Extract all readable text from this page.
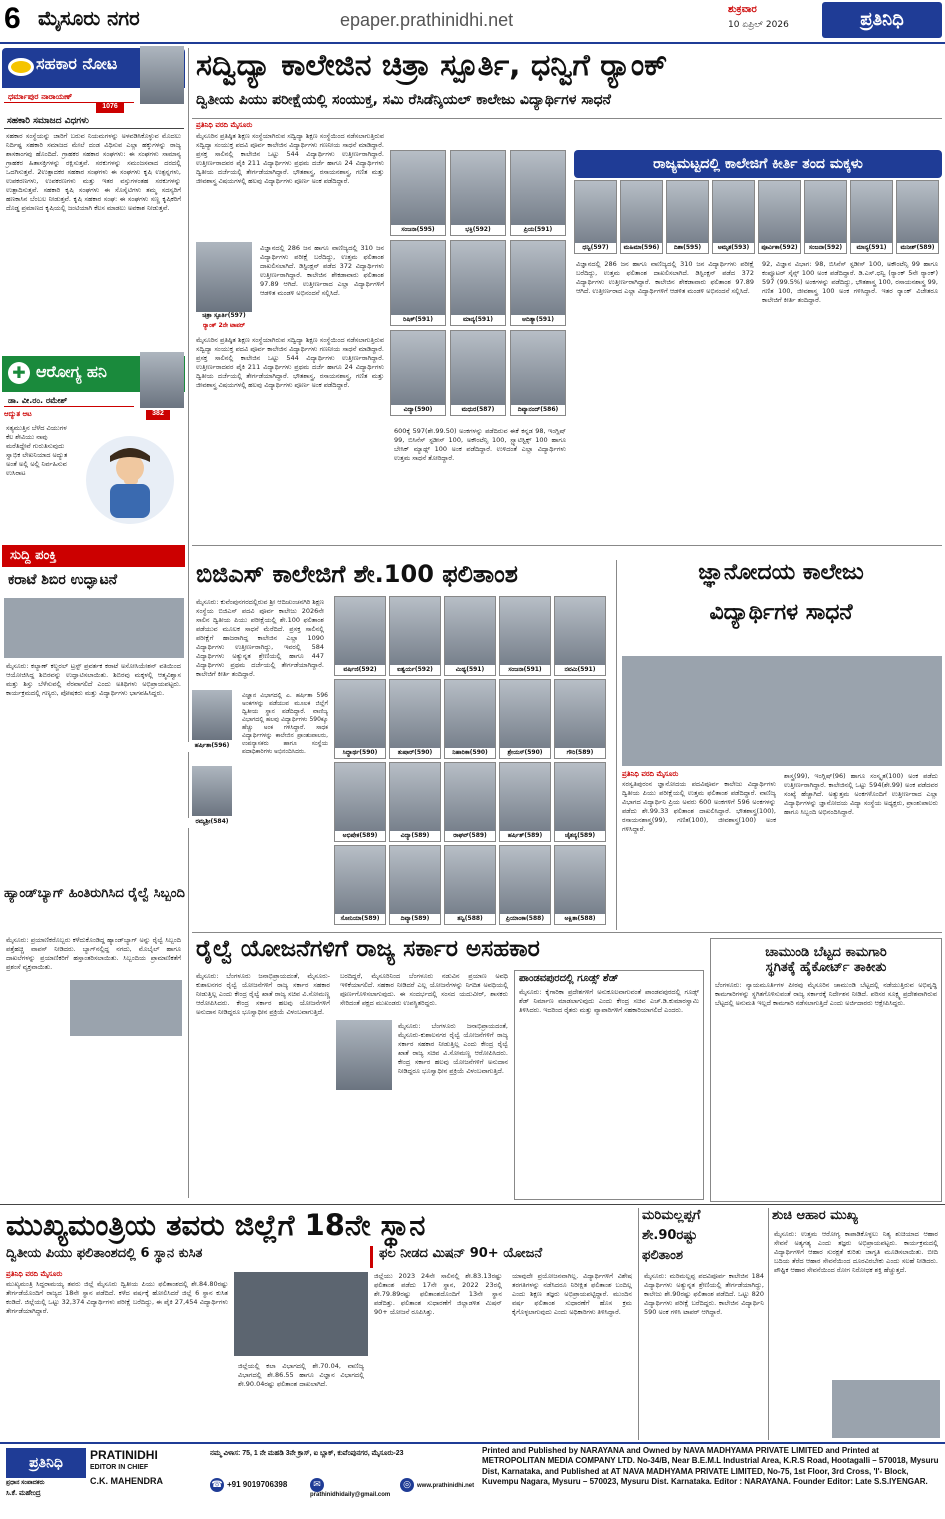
6 ಮೈಸೂರು ನಗರ	epaper.prathinidhi.net
ಶುಕ್ರವಾರ
10 ಏಪ್ರಿಲ್ 2026	ಪ್ರತಿನಿಧಿ
ಸಹಕಾರ ನೋಟ
ಧರ್ಮಾಪುರ ನಾರಾಯಣ್
1076
ಸಹಕಾರಿ ಸಮಾಜದ ವಿಧಗಳು
ಸಹಕಾರ ಸಂಸ್ಥೆಯನ್ನು ಜಾರಿಗೆ ಬರುವ ನಿಯಮಗಳನ್ನು ಅಳವಡಿಸಿಕೊಳ್ಳುವ ಮೊದಲು ನಿರ್ದಿಷ್ಟ ಸಹಕಾರಿ ಸಮಾಜದ ಮೇಲೆ ದಂಡ ವಿಧಿಸುವ ಎಲ್ಲಾ ಹಕ್ಕುಗಳನ್ನು ರಾಜ್ಯ ಶಾಸಕಾಂಗವು ಹೊಂದಿದೆ. ಗ್ರಾಹಕರ ಸಹಕಾರ ಸಂಘಗಳು: ಈ ಸಂಘಗಳು ಸಾಮಾನ್ಯ ಗ್ರಾಹಕರ ಹಿತಾಸಕ್ತಿಗಳನ್ನು ರಕ್ಷಿಸುತ್ತವೆ. ಸರಕುಗಳನ್ನು ಸಮಂಜಸವಾದ ದರದಲ್ಲಿ ಒದಗಿಸುತ್ತವೆ. 2ಉತ್ಪಾದಕರ ಸಹಕಾರ ಸಂಘಗಳು ಈ ಸಂಘಗಳು ಕೃಷಿ ಉತ್ಪನ್ನಗಳು, ಉಪಕರಣಗಳು, ಉಪಕರಣಗಳು ಮತ್ತು ಇತರ ವಸ್ತುಗಳಂತಹ ಸರಕುಗಳನ್ನು ಉತ್ಪಾದಿಸುತ್ತವೆ. ಸಹಕಾರಿ ಕೃಷಿ ಸಂಘಗಳು ಈ ಸೊಸೈಟಿಗಳು ತಮ್ಮ ಸದಸ್ಯರಿಗೆ ಹಣಕಾಸಿನ ಬೆಂಬಲ ನೀಡುತ್ತವೆ. ಕೃಷಿ ಸಹಕಾರ ಸಂಘ: ಈ ಸಂಘಗಳು ಸಣ್ಣ ಕೃಷಿಕರಿಗೆ ದೊಡ್ಡ ಪ್ರಮಾಣದ ಕೃಷಿಯಲ್ಲಿ ಜಂಟಿಯಾಗಿ ಕೆಲಸ ಮಾಡಲು ಅವಕಾಶ ನೀಡುತ್ತವೆ.
ಆರೋಗ್ಯ ಹನಿ
✚
ಡಾ. ವೀ.ರಂ. ರಮೇಶ್
382
ಆದ್ಯುತ ಆಟ
ಸತ್ಯಮುತ್ತಿನ ಬೆಳೆದ ವಿಯುಗಳ ಕೆಲ ಶೇವಿಯು ನಾವು ಮರೆತಿದ್ದೇವೆ ಗುರುತಿಸುವುದು ಸ್ವಾಭಿಕ ಲೇಖನಿಯಾದ ಅದ್ಯುತ ಅಂತೆ ಅಲ್ಲಿ ಅಲ್ಲಿ ನಿರ್ವಹಿಸುವ ಉಸಿರಾಟ
ಸುದ್ದಿ ಪಂಕ್ತಿ
ಕರಾಟೆ ಶಿಬಿರ ಉದ್ಘಾಟನೆ
ಮೈಸೂರು: ಕಲ್ಯಾಣ್ ಕಲ್ಚರಲ್ ಟ್ರಸ್ಟ್ ಪ್ರವರ್ತಕ ಕರಾಟೆ ಅಸೋಸಿಯೇಶನ್ ವತಿಯಿಂದ ಆಯೋಜಿಸಿದ್ದ ಶಿಬಿರವನ್ನು ಉದ್ಘಾಟಿಸಲಾಯಿತು. ಶಿಬಿರವು ಮಕ್ಕಳಲ್ಲಿ ಆತ್ಮವಿಶ್ವಾಸ ಮತ್ತು ಶಿಸ್ತು ಬೆಳೆಸುವಲ್ಲಿ ನೆರವಾಗಲಿದೆ ಎಂದು ಅತಿಥಿಗಳು ಅಭಿಪ್ರಾಯಪಟ್ಟರು. ಕಾರ್ಯಕ್ರಮದಲ್ಲಿ ಗಣ್ಯರು, ಪೋಷಕರು ಮತ್ತು ವಿದ್ಯಾರ್ಥಿಗಳು ಭಾಗವಹಿಸಿದ್ದರು.
ಹ್ಯಾಂಡ್‌ಬ್ಯಾಗ್ ಹಿಂತಿರುಗಿಸಿದ ರೈಲ್ವೆ ಸಿಬ್ಬಂದಿ
ಮೈಸೂರು: ಪ್ರಯಾಣಿಕರೊಬ್ಬರು ಕಳೆದುಕೊಂಡಿದ್ದ ಹ್ಯಾಂಡ್‌ಬ್ಯಾಗ್ ಅನ್ನು ರೈಲ್ವೆ ಸಿಬ್ಬಂದಿ ಪತ್ತೆಹಚ್ಚಿ ವಾಪಸ್ ನೀಡಿದರು. ಬ್ಯಾಗ್‌ನಲ್ಲಿದ್ದ ನಗದು, ಮೊಬೈಲ್ ಹಾಗೂ ದಾಖಲೆಗಳನ್ನು ಪ್ರಯಾಣಿಕರಿಗೆ ಹಸ್ತಾಂತರಿಸಲಾಯಿತು. ಸಿಬ್ಬಂದಿಯ ಪ್ರಾಮಾಣಿಕತೆಗೆ ಪ್ರಶಂಸೆ ವ್ಯಕ್ತವಾಯಿತು.
ಸದ್ವಿದ್ಯಾ ಕಾಲೇಜಿನ ಚಿತ್ರಾ ಸ್ಪೂರ್ತಿ, ಧನ್ವಿಗೆ ರ್‍ಯಾಂಕ್
ದ್ವಿತೀಯ ಪಿಯು ಪರೀಕ್ಷೆಯಲ್ಲಿ ಸಂಯುಕ್ತ, ಸಮಿ ರೆಸಿಡೆನ್ಶಿಯಲ್ ಕಾಲೇಜು ವಿದ್ಯಾರ್ಥಿಗಳ ಸಾಧನೆ
ಪ್ರತಿನಿಧಿ ವರದಿ ಮೈಸೂರು
ಮೈಸೂರಿನ ಪ್ರತಿಷ್ಠಿತ ಶಿಕ್ಷಣ ಸಂಸ್ಥೆಯಾಗಿರುವ ಸದ್ವಿದ್ಯಾ ಶಿಕ್ಷಣ ಸಂಸ್ಥೆಯಿಂದ ನಡೆಸಲಾಗುತ್ತಿರುವ ಸದ್ವಿದ್ಯಾ ಸಂಯುಕ್ತ ಪದವಿ ಪೂರ್ವ ಕಾಲೇಜಿನ ವಿದ್ಯಾರ್ಥಿಗಳು ಗಣನೀಯ ಸಾಧನೆ ಮಾಡಿದ್ದಾರೆ. ಪ್ರಸಕ್ತ ಸಾಲಿನಲ್ಲಿ ಕಾಲೇಜಿನ ಒಟ್ಟು 544 ವಿದ್ಯಾರ್ಥಿಗಳು ಉತ್ತೀರ್ಣರಾಗಿದ್ದಾರೆ. ಉತ್ತೀರ್ಣರಾದವರ ಪೈಕಿ 211 ವಿದ್ಯಾರ್ಥಿಗಳು ಪ್ರಥಮ ದರ್ಜೆ ಹಾಗೂ 24 ವಿದ್ಯಾರ್ಥಿಗಳು ದ್ವಿತೀಯ ದರ್ಜೆಯಲ್ಲಿ ತೇರ್ಗಡೆಯಾಗಿದ್ದಾರೆ. ಭೌತಶಾಸ್ತ್ರ, ರಸಾಯನಶಾಸ್ತ್ರ, ಗಣಿತ ಮತ್ತು ಜೀವಶಾಸ್ತ್ರ ವಿಷಯಗಳಲ್ಲಿ ಹಲವು ವಿದ್ಯಾರ್ಥಿಗಳು ಪೂರ್ಣ ಅಂಕ ಪಡೆದಿದ್ದಾರೆ.
ಚಿತ್ರಾ ಸ್ಫೂರ್ತಿ(597)
ರ್‍ಯಾಂಕ್ 2ನೇ ಟಾಪರ್
ವಿಜ್ಞಾನದಲ್ಲಿ 286 ಜನ ಹಾಗೂ ವಾಣಿಜ್ಯದಲ್ಲಿ 310 ಜನ ವಿದ್ಯಾರ್ಥಿಗಳು ಪರೀಕ್ಷೆ ಬರೆದಿದ್ದು, ಉತ್ತಮ ಫಲಿತಾಂಶ ದಾಖಲಿಸಲಾಗಿದೆ. ಡಿಸ್ಟಿಂಕ್ಷನ್ ಪಡೆದ 372 ವಿದ್ಯಾರ್ಥಿಗಳು ಉತ್ತೀರ್ಣರಾಗಿದ್ದಾರೆ. ಕಾಲೇಜಿನ ಶೇಕಡಾವಾರು ಫಲಿತಾಂಶ 97.89 ಆಗಿದೆ. ಉತ್ತೀರ್ಣರಾದ ಎಲ್ಲಾ ವಿದ್ಯಾರ್ಥಿಗಳಿಗೆ ಆಡಳಿತ ಮಂಡಳಿ ಅಭಿನಂದನೆ ಸಲ್ಲಿಸಿದೆ.
ಮೈಸೂರಿನ ಪ್ರತಿಷ್ಠಿತ ಶಿಕ್ಷಣ ಸಂಸ್ಥೆಯಾಗಿರುವ ಸದ್ವಿದ್ಯಾ ಶಿಕ್ಷಣ ಸಂಸ್ಥೆಯಿಂದ ನಡೆಸಲಾಗುತ್ತಿರುವ ಸದ್ವಿದ್ಯಾ ಸಂಯುಕ್ತ ಪದವಿ ಪೂರ್ವ ಕಾಲೇಜಿನ ವಿದ್ಯಾರ್ಥಿಗಳು ಗಣನೀಯ ಸಾಧನೆ ಮಾಡಿದ್ದಾರೆ. ಪ್ರಸಕ್ತ ಸಾಲಿನಲ್ಲಿ ಕಾಲೇಜಿನ ಒಟ್ಟು 544 ವಿದ್ಯಾರ್ಥಿಗಳು ಉತ್ತೀರ್ಣರಾಗಿದ್ದಾರೆ. ಉತ್ತೀರ್ಣರಾದವರ ಪೈಕಿ 211 ವಿದ್ಯಾರ್ಥಿಗಳು ಪ್ರಥಮ ದರ್ಜೆ ಹಾಗೂ 24 ವಿದ್ಯಾರ್ಥಿಗಳು ದ್ವಿತೀಯ ದರ್ಜೆಯಲ್ಲಿ ತೇರ್ಗಡೆಯಾಗಿದ್ದಾರೆ. ಭೌತಶಾಸ್ತ್ರ, ರಸಾಯನಶಾಸ್ತ್ರ, ಗಣಿತ ಮತ್ತು ಜೀವಶಾಸ್ತ್ರ ವಿಷಯಗಳಲ್ಲಿ ಹಲವು ವಿದ್ಯಾರ್ಥಿಗಳು ಪೂರ್ಣ ಅಂಕ ಪಡೆದಿದ್ದಾರೆ.
ಸಂಜನಾ(595)	ಭಕ್ತಿ(592)	ಪ್ರಿಯ(591)
ರಿಷಿಕ್(591)	ಮಾನ್ಯ(591)	ಆದಿತ್ಯಾ(591)
ವಿದ್ಯಾ(590)	ಮಧುರ(587)	ದಿವ್ಯಾನಂದ್(586)
600ಕ್ಕೆ 597(ಶೇ.99.50) ಅಂಕಗಳನ್ನು ಪಡೆದಿರುವ ಈಕೆ ಕನ್ನಡ 98, ಇಂಗ್ಲಿಷ್ 99, ಬಿಸಿನೆಸ್ ಸ್ಟಡೀಸ್ 100, ಅಕೌಂಟೆನ್ಸಿ 100, ಸ್ಟ್ಯಾಟಿಸ್ಟಿಕ್ಸ್ 100 ಹಾಗೂ ಬೇಸಿಕ್ ಮ್ಯಾಥ್ಸ್ 100 ಅಂಕ ಪಡೆದಿದ್ದಾರೆ. ಉಳಿದಂತೆ ಎಲ್ಲಾ ವಿದ್ಯಾರ್ಥಿಗಳು ಉತ್ತಮ ಸಾಧನೆ ತೋರಿದ್ದಾರೆ.
ರಾಜ್ಯಮಟ್ಟದಲ್ಲಿ ಕಾಲೇಜಿಗೆ ಕೀರ್ತಿ ತಂದ ಮಕ್ಕಳು
ಧನ್ವಿ(597)	ಮಹಿಮಾ(596)	ದಿಶಾ(595)	ಅಮೃತ(593)	ಪೂರ್ವಿಕಾ(592)	ಸಂಜನಾ(592)	ಮಾನ್ಯ(591)	ಮನೀಶ್(589)
ವಿಜ್ಞಾನದಲ್ಲಿ 286 ಜನ ಹಾಗೂ ವಾಣಿಜ್ಯದಲ್ಲಿ 310 ಜನ ವಿದ್ಯಾರ್ಥಿಗಳು ಪರೀಕ್ಷೆ ಬರೆದಿದ್ದು, ಉತ್ತಮ ಫಲಿತಾಂಶ ದಾಖಲಿಸಲಾಗಿದೆ. ಡಿಸ್ಟಿಂಕ್ಷನ್ ಪಡೆದ 372 ವಿದ್ಯಾರ್ಥಿಗಳು ಉತ್ತೀರ್ಣರಾಗಿದ್ದಾರೆ. ಕಾಲೇಜಿನ ಶೇಕಡಾವಾರು ಫಲಿತಾಂಶ 97.89 ಆಗಿದೆ. ಉತ್ತೀರ್ಣರಾದ ಎಲ್ಲಾ ವಿದ್ಯಾರ್ಥಿಗಳಿಗೆ ಆಡಳಿತ ಮಂಡಳಿ ಅಭಿನಂದನೆ ಸಲ್ಲಿಸಿದೆ.
92, ವಿಜ್ಞಾನ ವಿಭಾಗ: 98, ಬಿಸಿನೆಸ್ ಸ್ಟಡೀಸ್ 100, ಅಕೌಂಟೆನ್ಸಿ 99 ಹಾಗೂ ಕಂಪ್ಯೂಟರ್ ಸೈನ್ಸ್ 100 ಅಂಕ ಪಡೆದಿದ್ದಾರೆ. ಡಿ.ಎಸ್.ಧನ್ವಿ (ರ್‍ಯಾಂಕ್ 5ನೇ ರ್‍ಯಾಂಕ್) 597 (99.5%) ಅಂಕಗಳನ್ನು ಪಡೆದಿದ್ದು, ಭೌತಶಾಸ್ತ್ರ 100, ರಸಾಯನಶಾಸ್ತ್ರ 99, ಗಣಿತ 100, ಜೀವಶಾಸ್ತ್ರ 100 ಅಂಕ ಗಳಿಸಿದ್ದಾರೆ. ಇತರ ರ್‍ಯಾಂಕ್ ವಿಜೇತರೂ ಕಾಲೇಜಿಗೆ ಕೀರ್ತಿ ತಂದಿದ್ದಾರೆ.
ಬಿಜಿಎಸ್ ಕಾಲೇಜಿಗೆ ಶೇ.100 ಫಲಿತಾಂಶ
ಮೈಸೂರು: ಕುವೆಂಪುನಗರದಲ್ಲಿರುವ ಶ್ರೀ ಆದಿಚುಂಚನಗಿರಿ ಶಿಕ್ಷಣ ಸಂಸ್ಥೆಯ ಬಿಜಿಎಸ್ ಪದವಿ ಪೂರ್ವ ಕಾಲೇಜು 2026ನೇ ಸಾಲಿನ ದ್ವಿತೀಯ ಪಿಯು ಪರೀಕ್ಷೆಯಲ್ಲಿ ಶೇ.100 ಫಲಿತಾಂಶ ಪಡೆಯುವ ಮೂಲಕ ಸಾಧನೆ ಮೆರೆದಿದೆ. ಪ್ರಸಕ್ತ ಸಾಲಿನಲ್ಲಿ ಪರೀಕ್ಷೆಗೆ ಹಾಜರಾಗಿದ್ದ ಕಾಲೇಜಿನ ಎಲ್ಲಾ 1090 ವಿದ್ಯಾರ್ಥಿಗಳು ಉತ್ತೀರ್ಣರಾಗಿದ್ದು, ಇವರಲ್ಲಿ 584 ವಿದ್ಯಾರ್ಥಿಗಳು ಅತ್ಯುನ್ನತ ಶ್ರೇಣಿಯಲ್ಲಿ ಹಾಗೂ 447 ವಿದ್ಯಾರ್ಥಿಗಳು ಪ್ರಥಮ ದರ್ಜೆಯಲ್ಲಿ ತೇರ್ಗಡೆಯಾಗಿದ್ದಾರೆ. ಕಾಲೇಜಿಗೆ ಕೀರ್ತಿ ತಂದಿದ್ದಾರೆ.
ಹರ್ಷಿತಾ(596)
ರಮ್ಯಶ್ರೀ(584)
ವಿಜ್ಞಾನ ವಿಭಾಗದಲ್ಲಿ ಎ. ಹರ್ಷಿತಾ 596 ಅಂಕಗಳನ್ನು ಪಡೆಯುವ ಮೂಲಕ ಜಿಲ್ಲೆಗೆ ದ್ವಿತೀಯ ಸ್ಥಾನ ಪಡೆದಿದ್ದಾರೆ. ವಾಣಿಜ್ಯ ವಿಭಾಗದಲ್ಲಿ ಹಲವು ವಿದ್ಯಾರ್ಥಿಗಳು 590ಕ್ಕೂ ಹೆಚ್ಚು ಅಂಕ ಗಳಿಸಿದ್ದಾರೆ. ಸಾಧಕ ವಿದ್ಯಾರ್ಥಿಗಳನ್ನು ಕಾಲೇಜಿನ ಪ್ರಾಂಶುಪಾಲರು, ಉಪನ್ಯಾಸಕರು ಹಾಗೂ ಸಂಸ್ಥೆಯ ಪದಾಧಿಕಾರಿಗಳು ಅಭಿನಂದಿಸಿದರು.
ವರ್ಷಿಣಿ(592)	ಐಶ್ವರ್ಯ(592)	ಮಿಥ್ಯ(591)	ಸಂಜನಾ(591)	ನವಮಿ(591)
ಸಿದ್ಧಾರ್ಥ(590)	ತುಷಾರ್(590)	ನಿಹಾರಿಕಾ(590)	ಶ್ರೇಯಸ್(590)	ಗೌರಿ(589)
ಅಭಿಷೇಕ(589)	ವಿದ್ಯಾ(589)	ರಾಘವ್(589)	ಹರ್ಷಿತ್(589)	ಚೈತನ್ಯ(589)
ಸೋನಿಯಾ(589)	ದಿವ್ಯಾ(589)	ತನ್ವಿ(588)	ಪ್ರಿಯಾಂಕಾ(588)	ಅಕ್ಷಿತಾ(588)
ಜ್ಞಾನೋದಯ ಕಾಲೇಜು
ವಿದ್ಯಾರ್ಥಿಗಳ ಸಾಧನೆ
ಪ್ರತಿನಿಧಿ ವರದಿ ಮೈಸೂರು
ಸರಸ್ವತಿಪುರಂನ ಜ್ಞಾನೋದಯ ಪದವಿಪೂರ್ವ ಕಾಲೇಜು ವಿದ್ಯಾರ್ಥಿಗಳು ದ್ವಿತೀಯ ಪಿಯು ಪರೀಕ್ಷೆಯಲ್ಲಿ ಉತ್ತಮ ಫಲಿತಾಂಶ ಪಡೆದಿದ್ದಾರೆ. ವಾಣಿಜ್ಯ ವಿಭಾಗದ ವಿದ್ಯಾರ್ಥಿನಿ ಪ್ರಿಯ ಅವರು 600 ಅಂಕಗಳಿಗೆ 596 ಅಂಕಗಳನ್ನು ಪಡೆದು ಶೇ.99.33 ಫಲಿತಾಂಶ ದಾಖಲಿಸಿದ್ದಾರೆ. ಭೌತಶಾಸ್ತ್ರ(100), ರಸಾಯನಶಾಸ್ತ್ರ(99), ಗಣಿತ(100), ಜೀವಶಾಸ್ತ್ರ(100) ಅಂಕ ಗಳಿಸಿದ್ದಾರೆ.
ಶಾಸ್ತ್ರ(99), ಇಂಗ್ಲಿಷ್(96) ಹಾಗೂ ಸಂಸ್ಕೃತ(100) ಅಂಕ ಪಡೆದು ಉತ್ತೀರ್ಣರಾಗಿದ್ದಾರೆ. ಕಾಲೇಜಿನಲ್ಲಿ ಒಟ್ಟು 594(ಶೇ.99) ಅಂಕ ಪಡೆದವರ ಸಂಖ್ಯೆ ಹೆಚ್ಚಾಗಿದೆ. ಅತ್ಯುತ್ತಮ ಅಂಕಗಳೊಂದಿಗೆ ಉತ್ತೀರ್ಣರಾದ ಎಲ್ಲಾ ವಿದ್ಯಾರ್ಥಿಗಳನ್ನು ಜ್ಞಾನೋದಯ ವಿದ್ಯಾ ಸಂಸ್ಥೆಯ ಅಧ್ಯಕ್ಷರು, ಪ್ರಾಂಶುಪಾಲರು ಹಾಗೂ ಸಿಬ್ಬಂದಿ ಅಭಿನಂದಿಸಿದ್ದಾರೆ.
ರೈಲ್ವೆ ಯೋಜನೆಗಳಿಗೆ ರಾಜ್ಯ ಸರ್ಕಾರ ಅಸಹಕಾರ
ಮೈಸೂರು: ಬೆಂಗಳೂರು ಜನಾಭಿಪ್ರಾಯದಂತೆ, ಮೈಸೂರು-ಕುಶಾಲನಗರ ರೈಲ್ವೆ ಯೋಜನೆಗಳಿಗೆ ರಾಜ್ಯ ಸರ್ಕಾರ ಸಹಕಾರ ನೀಡುತ್ತಿಲ್ಲ ಎಂದು ಕೇಂದ್ರ ರೈಲ್ವೆ ಖಾತೆ ರಾಜ್ಯ ಸಚಿವ ವಿ.ಸೋಮಣ್ಣ ಆರೋಪಿಸಿದರು. ಕೇಂದ್ರ ಸರ್ಕಾರ ಹಲವು ಯೋಜನೆಗಳಿಗೆ ಅನುದಾನ ನೀಡಿದ್ದರೂ ಭೂಸ್ವಾಧೀನ ಪ್ರಕ್ರಿಯೆ ವಿಳಂಬವಾಗುತ್ತಿದೆ.
ಬರದಿದ್ದರೆ, ಮೈಸೂರಿನಿಂದ ಬೆಂಗಳೂರು ನಡುವಿನ ಪ್ರಯಾಣ ಅವಧಿ ಇಳಿಕೆಯಾಗಲಿದೆ. ಸಹಕಾರ ನೀಡಿದರೆ ಎಲ್ಲ ಯೋಜನೆಗಳನ್ನು ನಿಗದಿತ ಅವಧಿಯಲ್ಲಿ ಪೂರ್ಣಗೊಳಿಸಲಾಗುವುದು. ಈ ಸಂದರ್ಭದಲ್ಲಿ ಸಂಸದ ಯದುವೀರ್, ಶಾಸಕರು ಸೇರಿದಂತೆ ಪಕ್ಷದ ಮುಖಂಡರು ಉಪಸ್ಥಿತರಿದ್ದರು.
ಮೈಸೂರು: ಬೆಂಗಳೂರು ಜನಾಭಿಪ್ರಾಯದಂತೆ, ಮೈಸೂರು-ಕುಶಾಲನಗರ ರೈಲ್ವೆ ಯೋಜನೆಗಳಿಗೆ ರಾಜ್ಯ ಸರ್ಕಾರ ಸಹಕಾರ ನೀಡುತ್ತಿಲ್ಲ ಎಂದು ಕೇಂದ್ರ ರೈಲ್ವೆ ಖಾತೆ ರಾಜ್ಯ ಸಚಿವ ವಿ.ಸೋಮಣ್ಣ ಆರೋಪಿಸಿದರು. ಕೇಂದ್ರ ಸರ್ಕಾರ ಹಲವು ಯೋಜನೆಗಳಿಗೆ ಅನುದಾನ ನೀಡಿದ್ದರೂ ಭೂಸ್ವಾಧೀನ ಪ್ರಕ್ರಿಯೆ ವಿಳಂಬವಾಗುತ್ತಿದೆ.
ಪಾಂಡವಪುರದಲ್ಲಿ ಗೂಡ್ಸ್ ಶೆಡ್
ಮೈಸೂರು: ಕೈಗಾರಿಕಾ ಪ್ರದೇಶಗಳಿಗೆ ಅನುಕೂಲವಾಗುವಂತೆ ಪಾಂಡವಪುರದಲ್ಲಿ ಗೂಡ್ಸ್ ಶೆಡ್ ನಿರ್ಮಾಣ ಮಾಡಲಾಗುವುದು ಎಂದು ಕೇಂದ್ರ ಸಚಿವ ಎಚ್.ಡಿ.ಕುಮಾರಸ್ವಾಮಿ ತಿಳಿಸಿದರು. ಇದರಿಂದ ರೈತರು ಮತ್ತು ವ್ಯಾಪಾರಿಗಳಿಗೆ ಸಹಕಾರಿಯಾಗಲಿದೆ ಎಂದರು.
ಚಾಮುಂಡಿ ಬೆಟ್ಟದ ಕಾಮಗಾರಿ
ಸ್ಥಗಿತಕ್ಕೆ ಹೈಕೋರ್ಟ್ ತಾಕೀತು
ಬೆಂಗಳೂರು: ನ್ಯಾಯಮೂರ್ತಿಗಳ ಪೀಠವು ಮೈಸೂರಿನ ಚಾಮುಂಡಿ ಬೆಟ್ಟದಲ್ಲಿ ನಡೆಯುತ್ತಿರುವ ಅಭಿವೃದ್ಧಿ ಕಾಮಗಾರಿಗಳನ್ನು ಸ್ಥಗಿತಗೊಳಿಸುವಂತೆ ರಾಜ್ಯ ಸರ್ಕಾರಕ್ಕೆ ನಿರ್ದೇಶನ ನೀಡಿದೆ. ಪರಿಸರ ಸೂಕ್ಷ್ಮ ಪ್ರದೇಶವಾಗಿರುವ ಬೆಟ್ಟದಲ್ಲಿ ಅನುಮತಿ ಇಲ್ಲದೆ ಕಾಮಗಾರಿ ನಡೆಸಲಾಗುತ್ತಿದೆ ಎಂದು ಅರ್ಜಿದಾರರು ಆಕ್ಷೇಪಿಸಿದ್ದರು.
ಮುಖ್ಯಮಂತ್ರಿಯ ತವರು ಜಿಲ್ಲೆಗೆ 18ನೇ ಸ್ಥಾನ
ದ್ವಿತೀಯ ಪಿಯು ಫಲಿತಾಂಶದಲ್ಲಿ 6 ಸ್ಥಾನ ಕುಸಿತ	ಫಲ ನೀಡದ ಮಿಷನ್ 90+ ಯೋಜನೆ
ಪ್ರತಿನಿಧಿ ವರದಿ ಮೈಸೂರು
ಮುಖ್ಯಮಂತ್ರಿ ಸಿದ್ದರಾಮಯ್ಯ ತವರು ಜಿಲ್ಲೆ ಮೈಸೂರು ದ್ವಿತೀಯ ಪಿಯು ಫಲಿತಾಂಶದಲ್ಲಿ ಶೇ.84.80ರಷ್ಟು ತೇರ್ಗಡೆಯೊಂದಿಗೆ ರಾಜ್ಯದ 18ನೇ ಸ್ಥಾನ ಪಡೆದಿದೆ. ಕಳೆದ ವರ್ಷಕ್ಕೆ ಹೋಲಿಸಿದರೆ ಜಿಲ್ಲೆ 6 ಸ್ಥಾನ ಕುಸಿತ ಕಂಡಿದೆ. ಜಿಲ್ಲೆಯಲ್ಲಿ ಒಟ್ಟು 32,374 ವಿದ್ಯಾರ್ಥಿಗಳು ಪರೀಕ್ಷೆ ಬರೆದಿದ್ದು, ಈ ಪೈಕಿ 27,454 ವಿದ್ಯಾರ್ಥಿಗಳು ತೇರ್ಗಡೆಯಾಗಿದ್ದಾರೆ.
ಜಿಲ್ಲೆಯಲ್ಲಿ ಕಲಾ ವಿಭಾಗದಲ್ಲಿ ಶೇ.70.04, ವಾಣಿಜ್ಯ ವಿಭಾಗದಲ್ಲಿ ಶೇ.86.55 ಹಾಗೂ ವಿಜ್ಞಾನ ವಿಭಾಗದಲ್ಲಿ ಶೇ.90.04ರಷ್ಟು ಫಲಿತಾಂಶ ದಾಖಲಾಗಿದೆ.
ಜಿಲ್ಲೆಯು 2023 24ನೇ ಸಾಲಿನಲ್ಲಿ ಶೇ.83.13ರಷ್ಟು ಫಲಿತಾಂಶ ಪಡೆದು 17ನೇ ಸ್ಥಾನ, 2022 23ರಲ್ಲಿ ಶೇ.79.89ರಷ್ಟು ಫಲಿತಾಂಶದೊಂದಿಗೆ 13ನೇ ಸ್ಥಾನ ಪಡೆದಿತ್ತು. ಫಲಿತಾಂಶ ಸುಧಾರಣೆಗೆ ಜಿಲ್ಲಾಡಳಿತ ಮಿಷನ್ 90+ ಯೋಜನೆ ರೂಪಿಸಿತ್ತು.
ಯಾವುದೇ ಪ್ರಯೋಜನವಾಗಿಲ್ಲ. ವಿದ್ಯಾರ್ಥಿಗಳಿಗೆ ವಿಶೇಷ ತರಗತಿಗಳನ್ನು ನಡೆಸಿದರೂ ನಿರೀಕ್ಷಿತ ಫಲಿತಾಂಶ ಬಂದಿಲ್ಲ ಎಂದು ಶಿಕ್ಷಣ ತಜ್ಞರು ಅಭಿಪ್ರಾಯಪಟ್ಟಿದ್ದಾರೆ. ಮುಂದಿನ ವರ್ಷ ಫಲಿತಾಂಶ ಸುಧಾರಣೆಗೆ ಹೊಸ ಕ್ರಮ ಕೈಗೊಳ್ಳಲಾಗುವುದು ಎಂದು ಅಧಿಕಾರಿಗಳು ತಿಳಿಸಿದ್ದಾರೆ.
ಮರಿಮಲ್ಲಪ್ಪಗೆ
ಶೇ.90ರಷ್ಟು
ಫಲಿತಾಂಶ
ಮೈಸೂರು: ಮರಿಮಲ್ಲಪ್ಪ ಪದವಿಪೂರ್ವ ಕಾಲೇಜಿನ 184 ವಿದ್ಯಾರ್ಥಿಗಳು ಅತ್ಯುನ್ನತ ಶ್ರೇಣಿಯಲ್ಲಿ ತೇರ್ಗಡೆಯಾಗಿದ್ದು, ಕಾಲೇಜು ಶೇ.90ರಷ್ಟು ಫಲಿತಾಂಶ ಪಡೆದಿದೆ. ಒಟ್ಟು 820 ವಿದ್ಯಾರ್ಥಿಗಳು ಪರೀಕ್ಷೆ ಬರೆದಿದ್ದರು. ಕಾಲೇಜಿನ ವಿದ್ಯಾರ್ಥಿನಿ 590 ಅಂಕ ಗಳಿಸಿ ಟಾಪರ್ ಆಗಿದ್ದಾರೆ.
ಶುಚಿ ಆಹಾರ ಮುಖ್ಯ
ಮೈಸೂರು: ಉತ್ತಮ ಆರೋಗ್ಯ ಕಾಪಾಡಿಕೊಳ್ಳಲು ನಿತ್ಯ ಶುಚಿಯಾದ ಆಹಾರ ಸೇವನೆ ಅತ್ಯಗತ್ಯ ಎಂದು ತಜ್ಞರು ಅಭಿಪ್ರಾಯಪಟ್ಟರು. ಕಾರ್ಯಕ್ರಮದಲ್ಲಿ ವಿದ್ಯಾರ್ಥಿಗಳಿಗೆ ಆಹಾರ ಸುರಕ್ಷತೆ ಕುರಿತು ಜಾಗೃತಿ ಮೂಡಿಸಲಾಯಿತು. ಬೀದಿ ಬದಿಯ ತೆರೆದ ಆಹಾರ ಸೇವನೆಯಿಂದ ದೂರವಿರಬೇಕು ಎಂದು ಸಲಹೆ ನೀಡಿದರು. ಪೌಷ್ಟಿಕ ಆಹಾರ ಸೇವನೆಯಿಂದ ರೋಗ ನಿರೋಧಕ ಶಕ್ತಿ ಹೆಚ್ಚುತ್ತದೆ.
ಪ್ರತಿನಿಧಿ	PRATINIDHI
EDITOR IN CHIEF
C.K. MAHENDRA
ಪ್ರಧಾನ ಸಂಪಾದಕರು
ಸಿ.ಕೆ. ಮಹೇಂದ್ರ
ನಮ್ಮ ವಿಳಾಸ: 75, 1 ನೇ ಮಹಡಿ 3ನೇ ಕ್ರಾಸ್, ಐ ಬ್ಲಾಕ್, ಕುವೆಂಪುನಗರ, ಮೈಸೂರು-23
☎ +91 9019706398	✉prathinidhidaily@gmail.com
◎ www.prathinidhi.net
Printed and Published by NARAYANA and Owned by NAVA MADHYAMA PRIVATE LIMITED and Printed at METROPOLITAN MEDIA COMPANY LTD. No-34/B, Near B.E.M.L Industrial Area, K.R.S Road, Hootagalli – 570018, Mysuru Dist, Karnataka, and Published at AT NAVA MADHYAMA PRIVATE LIMITED, No-75, 1st Floor, 3rd Cross, 'I'- Block, Kuvempu Nagara, Mysuru – 570023, Mysuru Dist. Karnataka. Editor : NARAYANA. Founder Editor: Late S.S.IYENGAR.
